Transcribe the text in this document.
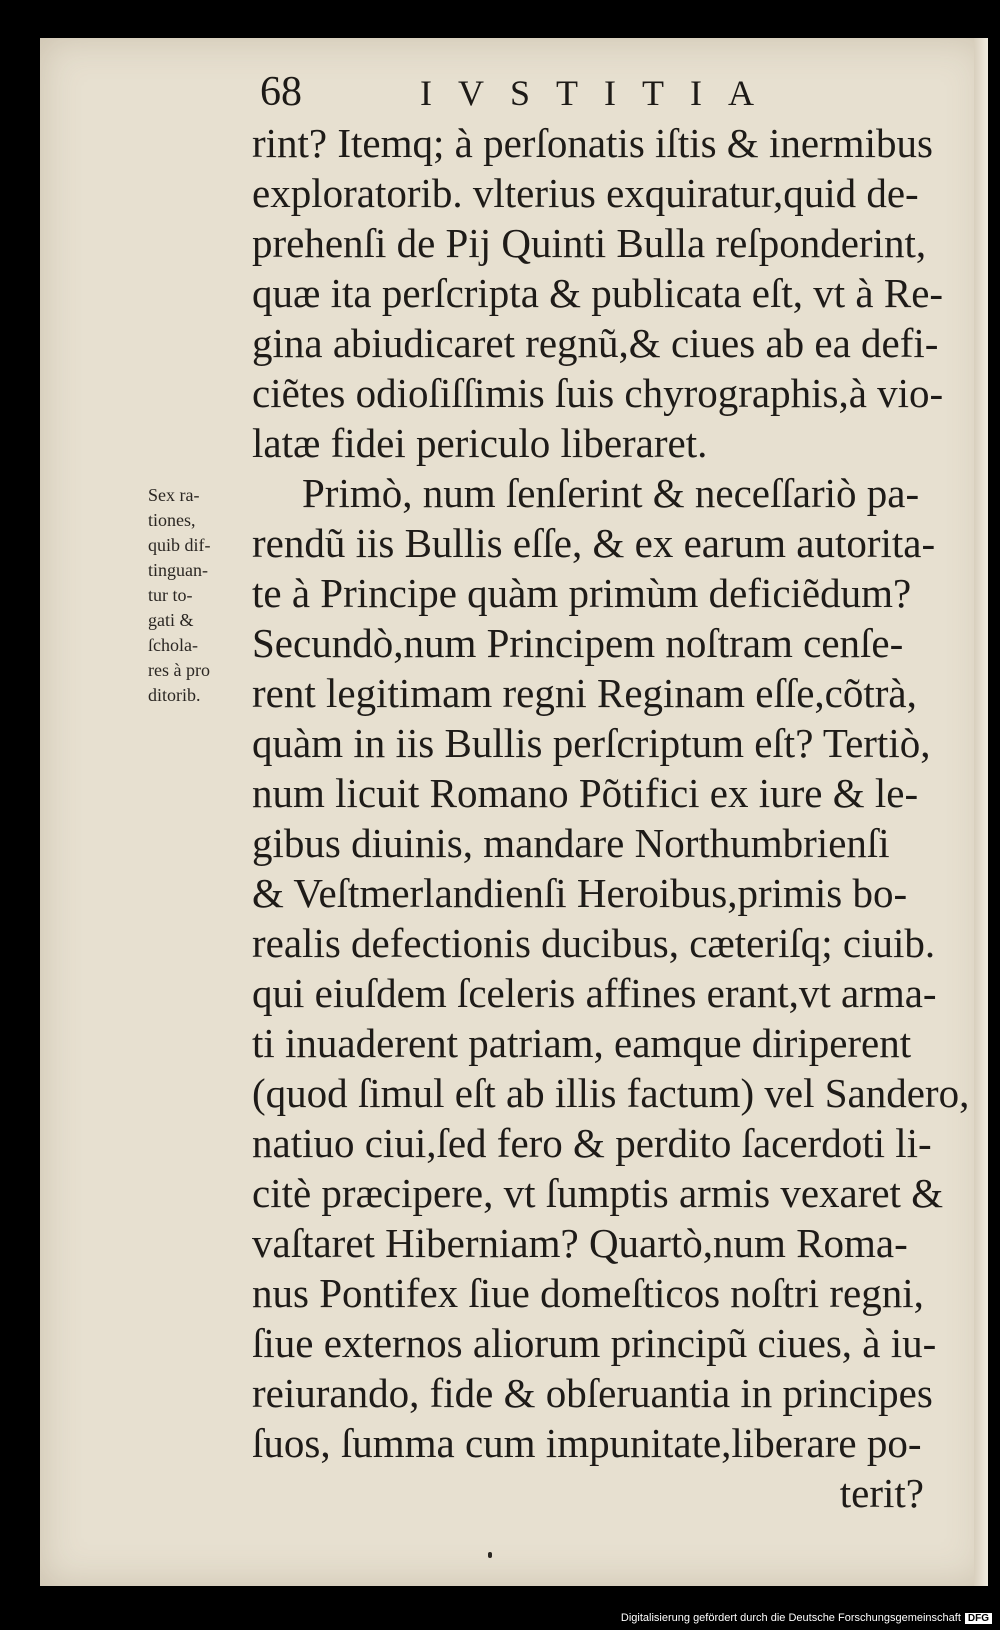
68	IVSTITIA
Sex ra-
tiones,
quib dif-
tinguan-
tur to-
gati &
ſchola-
res à pro
ditorib.
rint? Itemq; à perſonatis iſtis & inermibus
exploratorib. vlterius exquiratur,quid de-
prehenſi de Pij Quinti Bulla reſponderint,
quæ ita perſcripta & publicata eſt, vt à Re-
gina abiudicaret regnũ,& ciues ab ea defi-
ciẽtes odioſiſſimis ſuis chyrographis,à vio-
latæ fidei periculo liberaret.
Primò, num ſenſerint & neceſſariò pa-
rendũ iis Bullis eſſe, & ex earum autorita-
te à Principe quàm primùm deficiẽdum?
Secundò,num Principem noſtram cenſe-
rent legitimam regni Reginam eſſe,cõtrà,
quàm in iis Bullis perſcriptum eſt? Tertiò,
num licuit Romano Põtifici ex iure & le-
gibus diuinis, mandare Northumbrienſi
& Veſtmerlandienſi Heroibus,primis bo-
realis defectionis ducibus, cæteriſq; ciuib.
qui eiuſdem ſceleris affines erant,vt arma-
ti inuaderent patriam, eamque diriperent
(quod ſimul eſt ab illis factum) vel Sandero,
natiuo ciui,ſed fero & perdito ſacerdoti li-
citè præcipere, vt ſumptis armis vexaret &
vaſtaret Hiberniam? Quartò,num Roma-
nus Pontifex ſiue domeſticos noſtri regni,
ſiue externos aliorum principũ ciues, à iu-
reiurando, fide & obſeruantia in principes
ſuos, ſumma cum impunitate,liberare po-
terit?
Digitalisierung gefördert durch die Deutsche Forschungsgemeinschaft DFG
